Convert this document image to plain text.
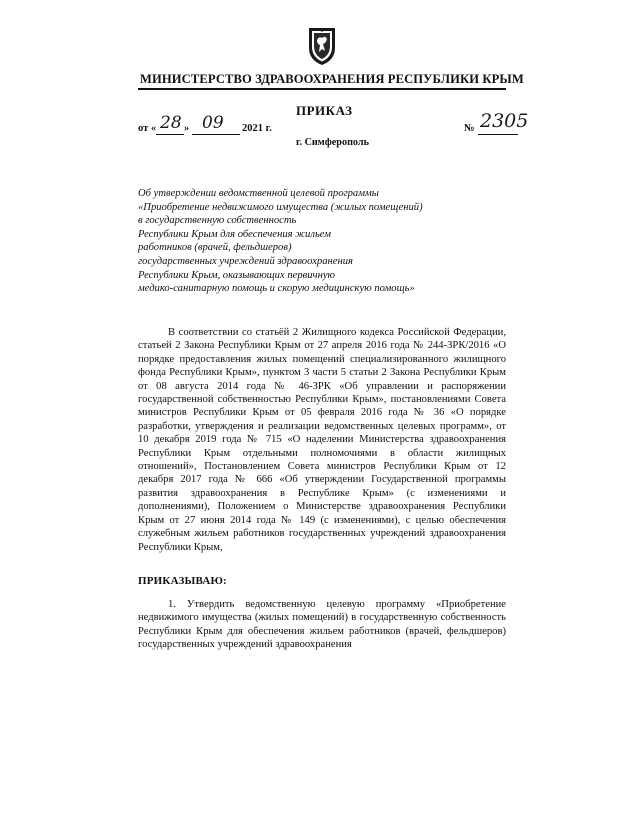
МИНИСТЕРСТВО ЗДРАВООХРАНЕНИЯ РЕСПУБЛИКИ КРЫМ
ПРИКАЗ
от « 28 » 09 2021 г.	№ 2305
г. Симферополь
Об утверждении ведомственной целевой программы
«Приобретение недвижимого имущества (жилых помещений)
в государственную собственность
Республики Крым для обеспечения жильем
работников (врачей, фельдшеров)
государственных учреждений здравоохранения
Республики Крым, оказывающих первичную
медико-санитарную помощь и скорую медицинскую помощь»
В соответствии со статьёй 2 Жилищного кодекса Российской Федерации, статьей 2 Закона Республики Крым от 27 апреля 2016 года № 244-ЗРК/2016 «О порядке предоставления жилых помещений специализированного жилищного фонда Республики Крым», пунктом 3 части 5 статьи 2 Закона Республики Крым от 08 августа 2014 года № 46-ЗРК «Об управлении и распоряжении государственной собственностью Республики Крым», постановлениями Совета министров Республики Крым от 05 февраля 2016 года № 36 «О порядке разработки, утверждения и реализации ведомственных целевых программ», от 10 декабря 2019 года № 715 «О наделении Министерства здравоохранения Республики Крым отдельными полномочиями в области жилищных отношений», Постановлением Совета министров Республики Крым от 12 декабря 2017 года № 666 «Об утверждении Государственной программы развития здравоохранения в Республике Крым» (с изменениями и дополнениями), Положением о Министерстве здравоохранения Республики Крым от 27 июня 2014 года № 149 (с изменениями), с целью обеспечения служебным жильем работников государственных учреждений здравоохранения Республики Крым,
ПРИКАЗЫВАЮ:
1. Утвердить ведомственную целевую программу «Приобретение недвижимого имущества (жилых помещений) в государственную собственность Республики Крым для обеспечения жильем работников (врачей, фельдшеров) государственных учреждений здравоохранения
